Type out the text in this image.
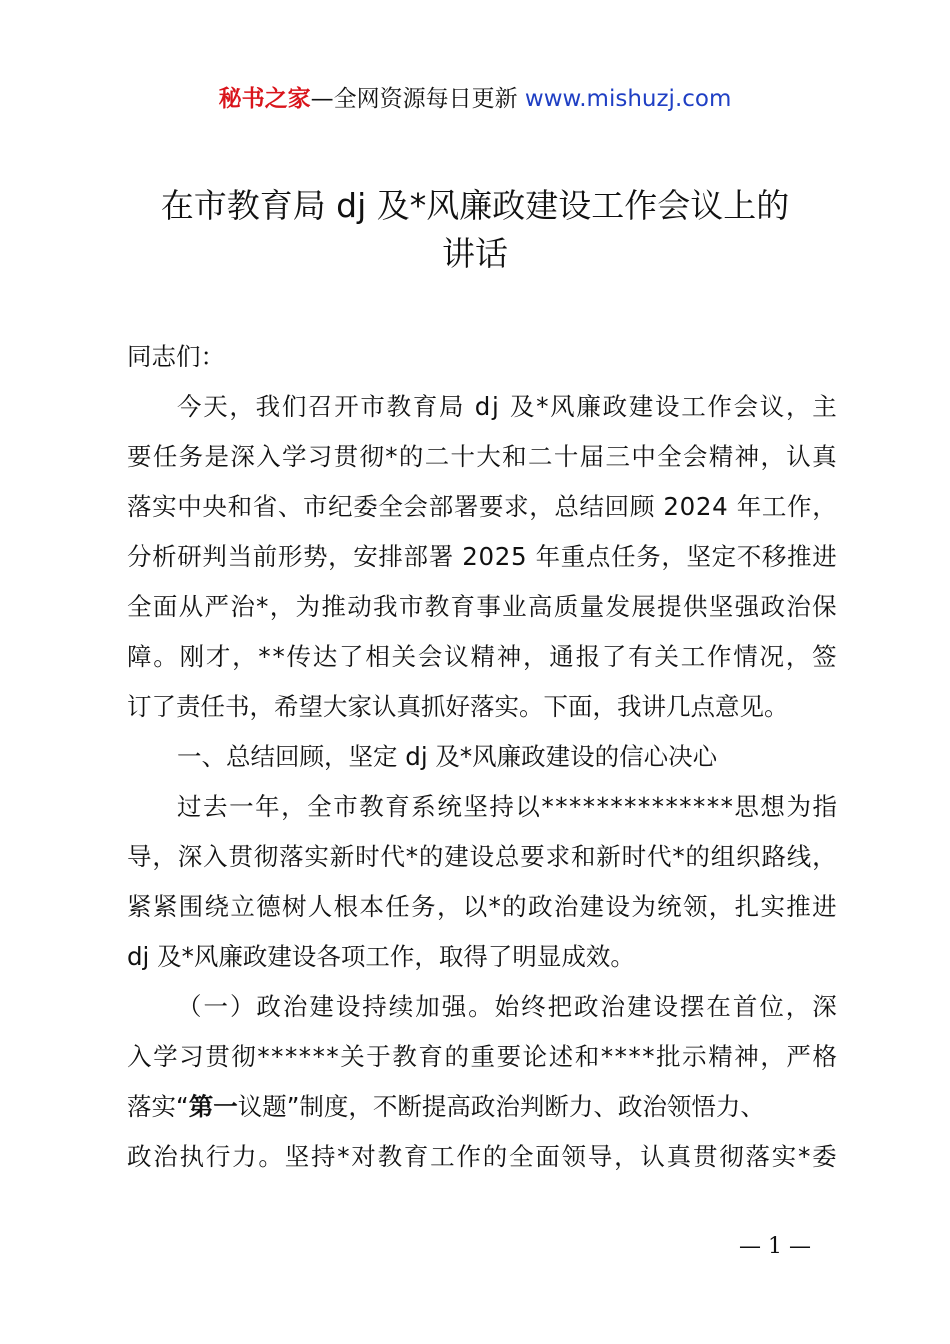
秘书之家—全网资源每日更新 www.mishuzj.com
在市教育局 dj 及*风廉政建设工作会议上的
讲话
同志们：
今 天 ， 我 们 召 开 市 教 育 局
d j
及 * 风 廉 政 建 设 工 作 会 议 ， 主
要 任 务 是 深 入 学 习 贯 彻 * 的 二 十 大 和 二 十 届 三 中 全 会 精 神 ， 认 真
落 实 中 央 和 省 、 市 纪 委 全 会 部 署 要 求 ， 总 结 回 顾
2 0 2 4
年 工 作 ，
分 析 研 判 当 前 形 势 ， 安 排 部 署
2 0 2 5
年 重 点 任 务 ， 坚 定 不 移 推 进
全 面 从 严 治 * ， 为 推 动 我 市 教 育 事 业 高 质 量 发 展 提 供 坚 强 政 治 保
障 。 刚 才 ， * * 传 达 了 相 关 会 议 精 神 ， 通 报 了 有 关 工 作 情 况 ， 签
订了责任书，希望大家认真抓好落实。下面，我讲几点意见。
一、总结回顾，坚定 dj 及*风廉政建设的信心决心
过 去 一 年 ， 全 市 教 育 系 统 坚 持 以 * * * * * * * * * * * * * * 思 想 为 指
导 ， 深 入 贯 彻 落 实 新 时 代 * 的 建 设 总 要 求 和 新 时 代 * 的 组 织 路 线 ，
紧 紧 围 绕 立 德 树 人 根 本 任 务 ， 以 * 的 政 治 建 设 为 统 领 ， 扎 实 推 进
dj 及*风廉政建设各项工作，取得了明显成效。
（ 一 ） 政 治 建 设 持 续 加 强 。 始 终 把 政 治 建 设 摆 在 首 位 ， 深
入 学 习 贯 彻 * * * * * * 关 于 教 育 的 重 要 论 述 和 * * * * 批 示 精 神 ， 严 格
落实“ 第一 议题”制度，不断提高政治判断力、政治领悟力、
政 治 执 行 力 。 坚 持 * 对 教 育 工 作 的 全 面 领 导 ， 认 真 贯 彻 落 实 * 委
— 1 —
